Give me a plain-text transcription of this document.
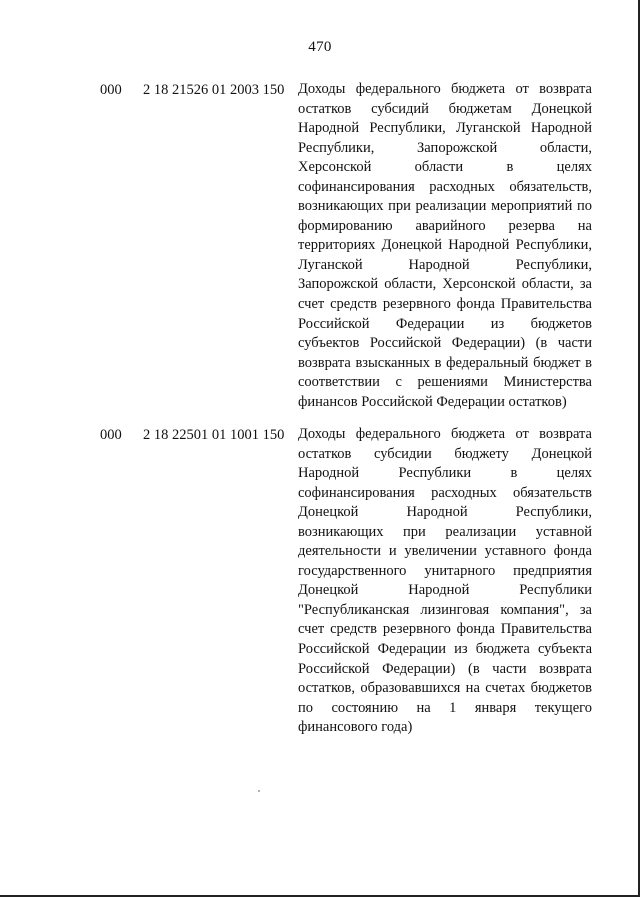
470
000 2 18 21526 01 2003 150 Доходы федерального бюджета от возврата
остатков субсидий бюджетам Донецкой
Народной Республики, Луганской Народной
Республики, Запорожской области,
Херсонской области в целях
софинансирования расходных обязательств,
возникающих при реализации мероприятий по
формированию аварийного резерва на
территориях Донецкой Народной Республики,
Луганской Народной Республики,
Запорожской области, Херсонской области, за
счет средств резервного фонда Правительства
Российской Федерации из бюджетов
субъектов Российской Федерации) (в части
возврата взысканных в федеральный бюджет в
соответствии с решениями Министерства
финансов Российской Федерации остатков)
000 2 18 22501 01 1001 150 Доходы федерального бюджета от возврата
остатков субсидии бюджету Донецкой
Народной Республики в целях
софинансирования расходных обязательств
Донецкой Народной Республики,
возникающих при реализации уставной
деятельности и увеличении уставного фонда
государственного унитарного предприятия
Донецкой Народной Республики
"Республиканская лизинговая компания", за
счет средств резервного фонда Правительства
Российской Федерации из бюджета субъекта
Российской Федерации) (в части возврата
остатков, образовавшихся на счетах бюджетов
по состоянию на 1 января текущего
финансового года)
